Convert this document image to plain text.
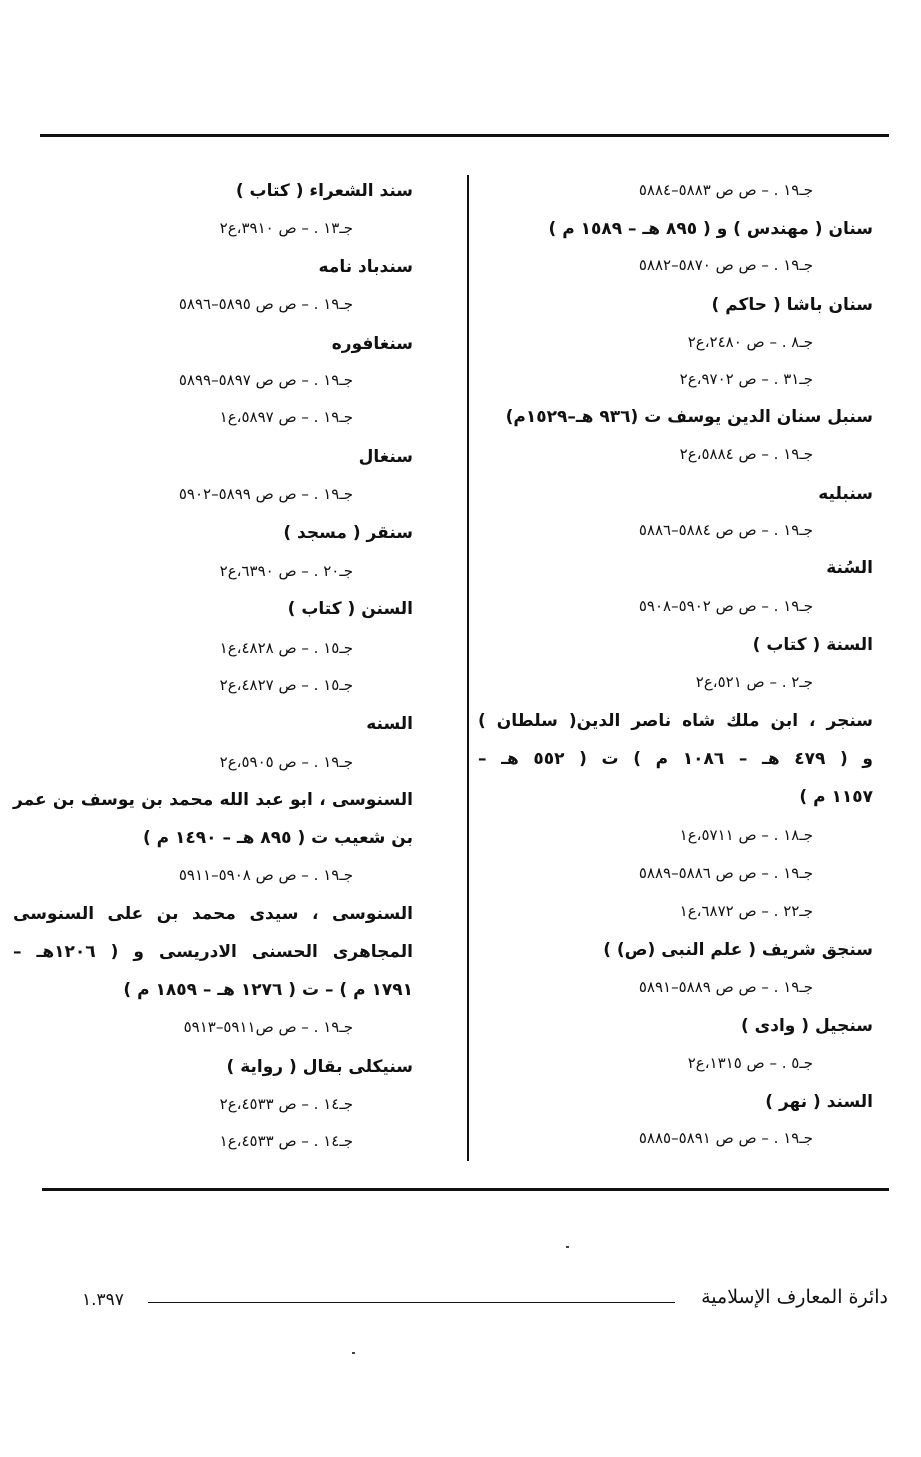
جـ١٩ . – ص ص ٥٨٨٣–٥٨٨٤
سنان ( مهندس ) و ( ٨٩٥ هـ – ١٥٨٩ م )
جـ١٩ . – ص ص ٥٨٧٠–٥٨٨٢
سنان باشا ( حاكم )
جـ٨ . – ص ٢٤٨٠،ع٢
جـ٣١ . – ص ٩٧٠٢،ع٢
سنبل سنان الدين يوسف ت (٩٣٦ هـ–١٥٢٩م)
جـ١٩ . – ص ٥٨٨٤،ع٢
سنبليه
جـ١٩ . – ص ص ٥٨٨٤–٥٨٨٦
السُنة
جـ١٩ . – ص ص ٥٩٠٢–٥٩٠٨
السنة ( كتاب )
جـ٢ . – ص ٥٢١،ع٢
سنجر ، ابن ملك شاه ناصر الدين( سلطان )
و ( ٤٧٩ هـ – ١٠٨٦ م ) ت ( ٥٥٢ هـ –
١١٥٧ م )
جـ١٨ . – ص ٥٧١١،ع١
جـ١٩ . – ص ص ٥٨٨٦–٥٨٨٩
جـ٢٢ . – ص ٦٨٧٢،ع١
سنجق شريف ( علم النبى (ص) )
جـ١٩ . – ص ص ٥٨٨٩–٥٨٩١
سنجيل ( وادى )
جـ٥ . – ص ١٣١٥،ع٢
السند ( نهر )
جـ١٩ . – ص ص ٥٨٩١–٥٨٨٥
سند الشعراء ( كتاب )
جـ١٣ . – ص ٣٩١٠،ع٢
سندباد نامه
جـ١٩ . – ص ص ٥٨٩٥–٥٨٩٦
سنغافوره
جـ١٩ . – ص ص ٥٨٩٧–٥٨٩٩
جـ١٩ . – ص ٥٨٩٧،ع١
سنغال
جـ١٩ . – ص ص ٥٨٩٩–٥٩٠٢
سنقر ( مسجد )
جـ٢٠ . – ص ٦٣٩٠،ع٢
السنن ( كتاب )
جـ١٥ . – ص ٤٨٢٨،ع١
جـ١٥ . – ص ٤٨٢٧،ع٢
السنه
جـ١٩ . – ص ٥٩٠٥،ع٢
السنوسى ، ابو عبد الله محمد بن يوسف بن عمر
بن شعيب ت ( ٨٩٥ هـ – ١٤٩٠ م )
جـ١٩ . – ص ص ٥٩٠٨–٥٩١١
السنوسى ، سيدى محمد بن على السنوسى
المجاهرى الحسنى الادريسى و ( ١٢٠٦هـ –
١٧٩١ م ) – ت ( ١٢٧٦ هـ – ١٨٥٩ م )
جـ١٩ . – ص ص٥٩١١–٥٩١٣
سنيكلى بقال ( رواية )
جـ١٤ . – ص ٤٥٣٣،ع٢
جـ١٤ . – ص ٤٥٣٣،ع١
دائرة المعارف الإسلامية
١.٣٩٧
